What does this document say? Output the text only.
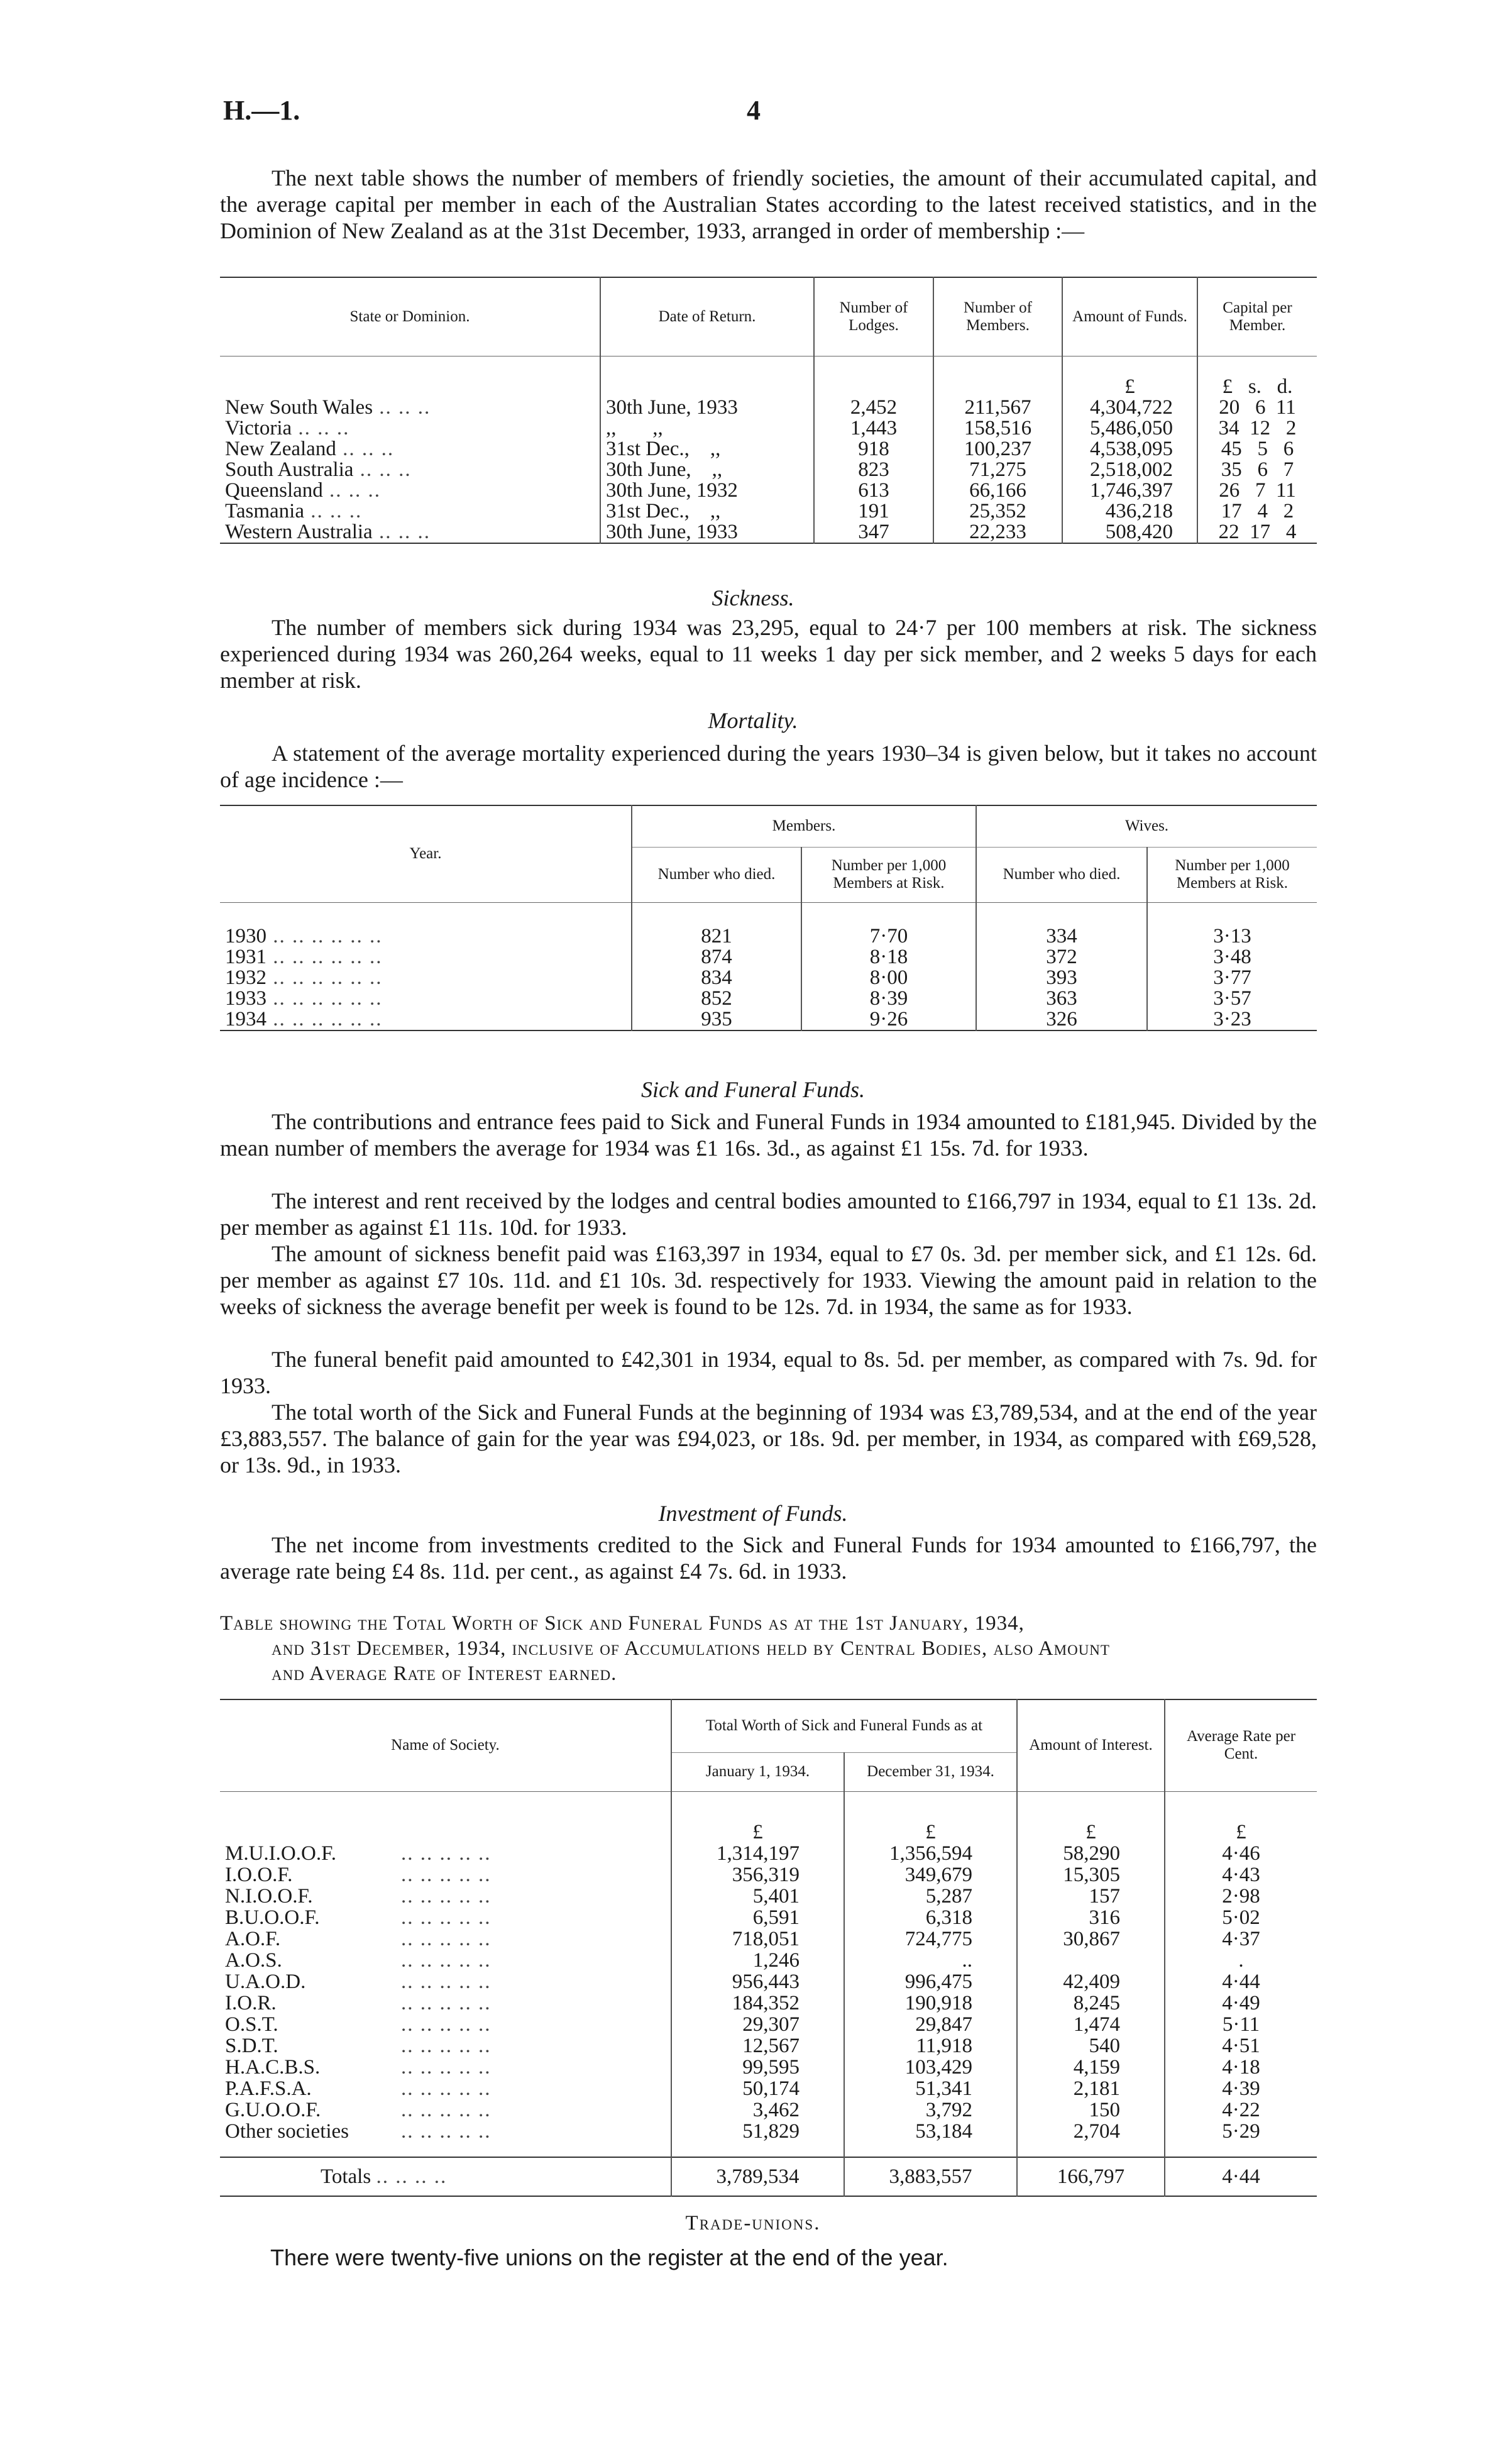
H.—1.	4

The next table shows the number of members of friendly societies, the amount of their accumulated capital, and the average capital per member in each of the Australian States according to the latest received statistics, and in the Dominion of New Zealand as at the 31st December, 1933, arranged in order of membership :—

State or Dominion.	Date of Return.	Number of Lodges.	Number of Members.	Amount of Funds.	Capital per Member.
				£	£   s.   d.
New South Wales .. .. ..	30th June, 1933	2,452	211,567	4,304,722	20   6  11
Victoria .. .. ..	,,       ,,	1,443	158,516	5,486,050	34  12   2
New Zealand .. .. ..	31st Dec.,    ,,	918	100,237	4,538,095	45   5   6
South Australia .. .. ..	30th June,    ,,	823	71,275	2,518,002	35   6   7
Queensland .. .. ..	30th June, 1932	613	66,166	1,746,397	26   7  11
Tasmania .. .. ..	31st Dec.,    ,,	191	25,352	436,218	17   4   2
Western Australia .. .. ..	30th June, 1933	347	22,233	508,420	22  17   4
Sickness.

The number of members sick during 1934 was 23,295, equal to 24·7 per 100 members at risk. The sickness experienced during 1934 was 260,264 weeks, equal to 11 weeks 1 day per sick member, and 2 weeks 5 days for each member at risk.

Mortality.

A statement of the average mortality experienced during the years 1930–34 is given below, but it takes no account of age incidence :—

Year.	Members.		Wives.	
	Number who died.	Number per 1,000 Members at Risk.	Number who died.	Number per 1,000 Members at Risk.

1930 .. .. .. .. .. ..	821	7·70	334	3·13
1931 .. .. .. .. .. ..	874	8·18	372	3·48
1932 .. .. .. .. .. ..	834	8·00	393	3·77
1933 .. .. .. .. .. ..	852	8·39	363	3·57
1934 .. .. .. .. .. ..	935	9·26	326	3·23
Sick and Funeral Funds.

The contributions and entrance fees paid to Sick and Funeral Funds in 1934 amounted to £181,945. Divided by the mean number of members the average for 1934 was £1 16s. 3d., as against £1 15s. 7d. for 1933.

The interest and rent received by the lodges and central bodies amounted to £166,797 in 1934, equal to £1 13s. 2d. per member as against £1 11s. 10d. for 1933.

The amount of sickness benefit paid was £163,397 in 1934, equal to £7 0s. 3d. per member sick, and £1 12s. 6d. per member as against £7 10s. 11d. and £1 10s. 3d. respectively for 1933. Viewing the amount paid in relation to the weeks of sickness the average benefit per week is found to be 12s. 7d. in 1934, the same as for 1933.

The funeral benefit paid amounted to £42,301 in 1934, equal to 8s. 5d. per member, as compared with 7s. 9d. for 1933.

The total worth of the Sick and Funeral Funds at the beginning of 1934 was £3,789,534, and at the end of the year £3,883,557. The balance of gain for the year was £94,023, or 18s. 9d. per member, in 1934, as compared with £69,528, or 13s. 9d., in 1933.

Investment of Funds.

The net income from investments credited to the Sick and Funeral Funds for 1934 amounted to £166,797, the average rate being £4 8s. 11d. per cent., as against £4 7s. 6d. in 1933.

Table showing the Total Worth of Sick and Funeral Funds as at the 1st January, 1934,
and 31st December, 1934, inclusive of Accumulations held by Central Bodies, also Amount
and Average Rate of Interest earned.
Name of Society.	Total Worth of Sick and Funeral Funds as at		Amount of Interest.	Average Rate per Cent.
	January 1, 1934.	December 31, 1934.		
	£	£	£	£
M.U.I.O.O.F. .. .. .. .. ..	1,314,197	1,356,594	58,290	4·46
I.O.O.F. .. .. .. .. ..	356,319	349,679	15,305	4·43
N.I.O.O.F. .. .. .. .. ..	5,401	5,287	157	2·98
B.U.O.O.F. .. .. .. .. ..	6,591	6,318	316	5·02
A.O.F. .. .. .. .. ..	718,051	724,775	30,867	4·37
A.O.S. .. .. .. .. ..	1,246	..		.
U.A.O.D. .. .. .. .. ..	956,443	996,475	42,409	4·44
I.O.R. .. .. .. .. ..	184,352	190,918	8,245	4·49
O.S.T. .. .. .. .. ..	29,307	29,847	1,474	5·11
S.D.T. .. .. .. .. ..	12,567	11,918	540	4·51
H.A.C.B.S. .. .. .. .. ..	99,595	103,429	4,159	4·18
P.A.F.S.A. .. .. .. .. ..	50,174	51,341	2,181	4·39
G.U.O.O.F. .. .. .. .. ..	3,462	3,792	150	4·22
Other societies .. .. .. .. ..	51,829	53,184	2,704	5·29

Totals .. .. .. ..	3,789,534	3,883,557	166,797	4·44
Trade-unions.
There were twenty-five unions on the register at the end of the year.
